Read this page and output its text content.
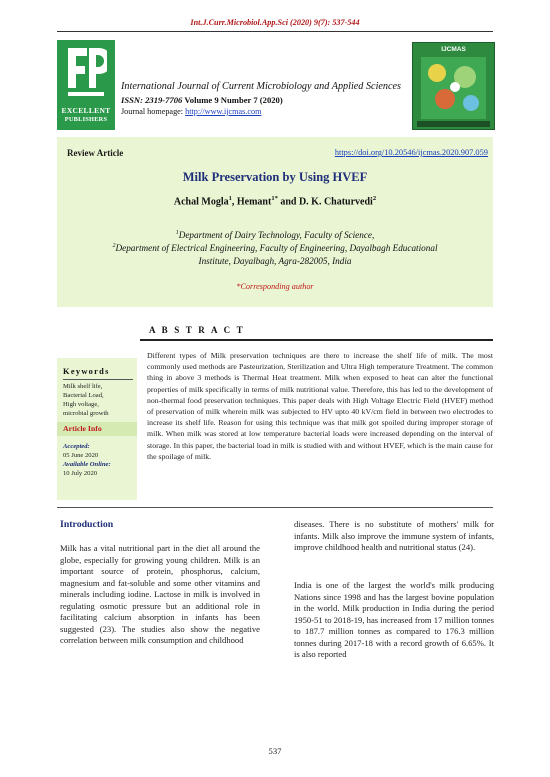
Int.J.Curr.Microbiol.App.Sci (2020) 9(7): 537-544
EXCELLENT
PUBLISHERS
International Journal of Current Microbiology and Applied Sciences
ISSN: 2319-7706 Volume 9 Number 7 (2020)
Journal homepage: http://www.ijcmas.com
IJCMAS
Review Article	https://doi.org/10.20546/ijcmas.2020.907.059
Milk Preservation by Using HVEF
Achal Mogla$^1$, Hemant$^{1*}$ and D. K. Chaturvedi$^2$
$^1$Department of Dairy Technology, Faculty of Science,
$^2$Department of Electrical Engineering, Faculty of Engineering, Dayalbagh Educational
Institute, Dayalbagh, Agra-282005, India
*Corresponding author
A B S T R A C T
Keywords
Milk shelf life,
Bacterial Load,
High voltage,
microbial growth
Article Info
Accepted:
05 June 2020
Available Online:
10 July 2020
Different types of Milk preservation techniques are there to increase the shelf life of milk. The most commonly used methods are Pasteurization, Sterilization and Ultra High temperature Treatment. The common thing in above 3 methods is Thermal Heat treatment. Milk when exposed to heat can alter the functional properties of milk specifically in terms of milk nutritional value. Therefore, this has led to the development of non-thermal food preservation techniques. This paper deals with High Voltage Electric Field (HVEF) method of preservation of milk wherein milk was subjected to HV upto 40 kV/cm field in between two electrodes to increase its shelf life. Reason for using this technique was that milk got spoiled during improper storage of milk. When milk was stored at low temperature bacterial loads were increased depending on the interval of storage. In this paper, the bacterial load in milk is studied with and without HVEF, which is the main cause for the spoilage of milk.
Introduction
Milk has a vital nutritional part in the diet all around the globe, especially for growing young children. Milk is an important source of protein, phosphorus, calcium, magnesium and fat-soluble and some other vitamins and minerals including iodine. Lactose in milk is involved in regulating osmotic pressure but an additional role in facilitating calcium absorption in infants has been suggested (23). The studies also show the negative correlation between milk consumption and childhood
diseases. There is no substitute of mothers' milk for infants. Milk also improve the immune system of infants, improve childhood health and nutritional status (24).
India is one of the largest the world's milk producing Nations since 1998 and has the largest bovine population in the world. Milk production in India during the period 1950-51 to 2018-19, has increased from 17 million tonnes to 187.7 million tonnes as compared to 176.3 million tonnes during 2017-18 with a record growth of 6.65%. It is also reported
537
